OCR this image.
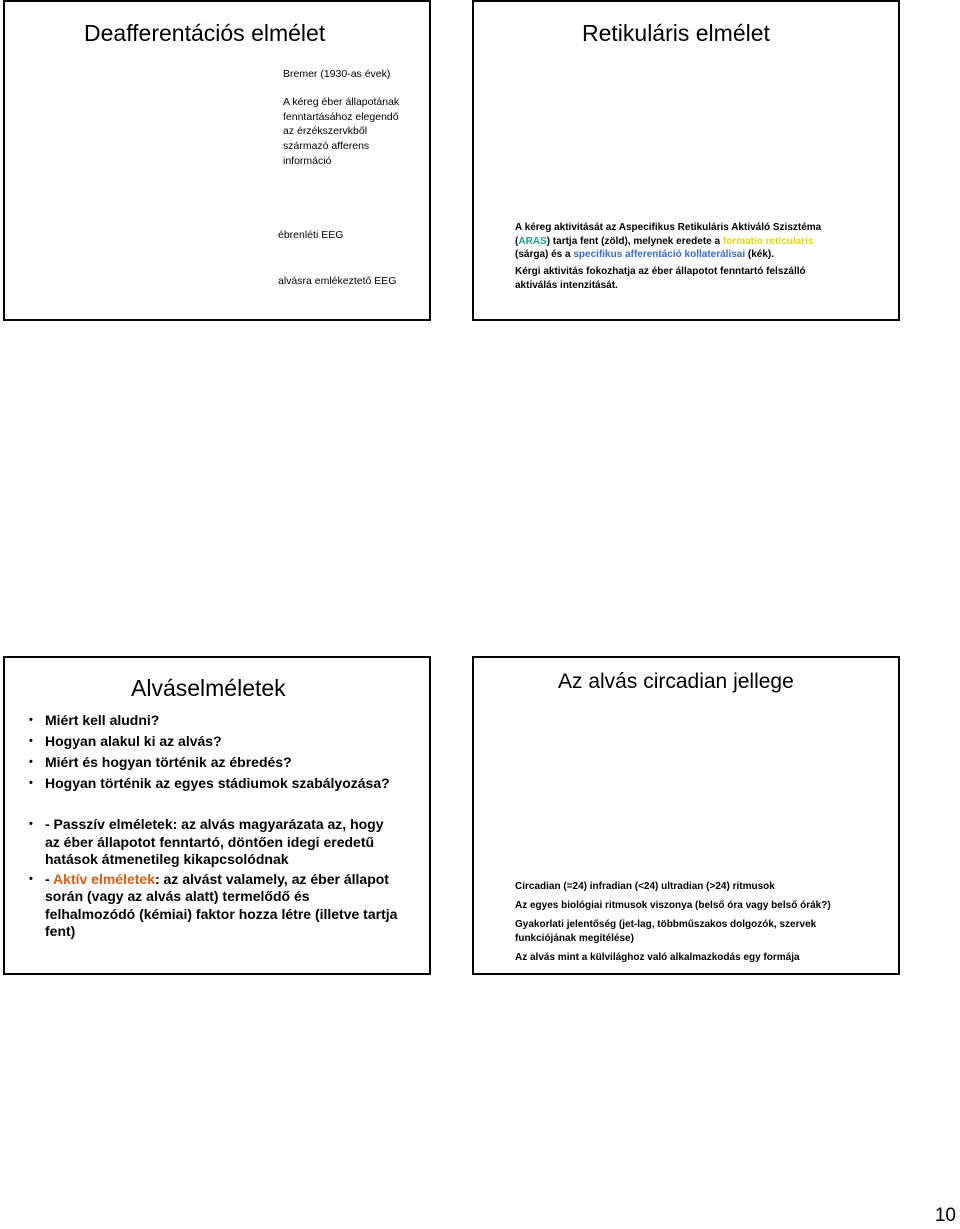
Deafferentációs elmélet
Bremer (1930-as évek)
A kéreg éber állapotának
fenntartásához elegendő
az érzékszervkből
származó afferens
információ
ébrenléti EEG
alvásra emlékeztető EEG
Retikuláris elmélet
A kéreg aktivitását az Aspecifikus Retikuláris Aktiváló Szisztéma
(ARAS) tartja fent (zöld), melynek eredete a formatio reticularis
(sárga) és a specifikus afferentáció kollaterálisai (kék).
Kérgi aktivitás fokozhatja az éber állapotot fenntartó felszálló
aktiválás intenzitását.
Alváselméletek
• Miért kell aludni?
• Hogyan alakul ki az alvás?
• Miért és hogyan történik az ébredés?
• Hogyan történik az egyes stádiumok szabályozása?
• - Passzív elméletek: az alvás magyarázata az, hogy
az éber állapotot fenntartó, döntően idegi eredetű
hatások átmenetileg kikapcsolódnak
• - Aktív elméletek: az alvást valamely, az éber állapot
során (vagy az alvás alatt) termelődő és
felhalmozódó (kémiai) faktor hozza létre (illetve tartja
fent)
Az alvás circadian jellege
Circadian (=24) infradian (<24) ultradian (>24) ritmusok
Az egyes biológiai ritmusok viszonya (belső óra vagy belső órák?)
Gyakorlati jelentőség (jet-lag, többműszakos dolgozók, szervek
funkciójának megítélése)
Az alvás mint a külvilághoz való alkalmazkodás egy formája
10
